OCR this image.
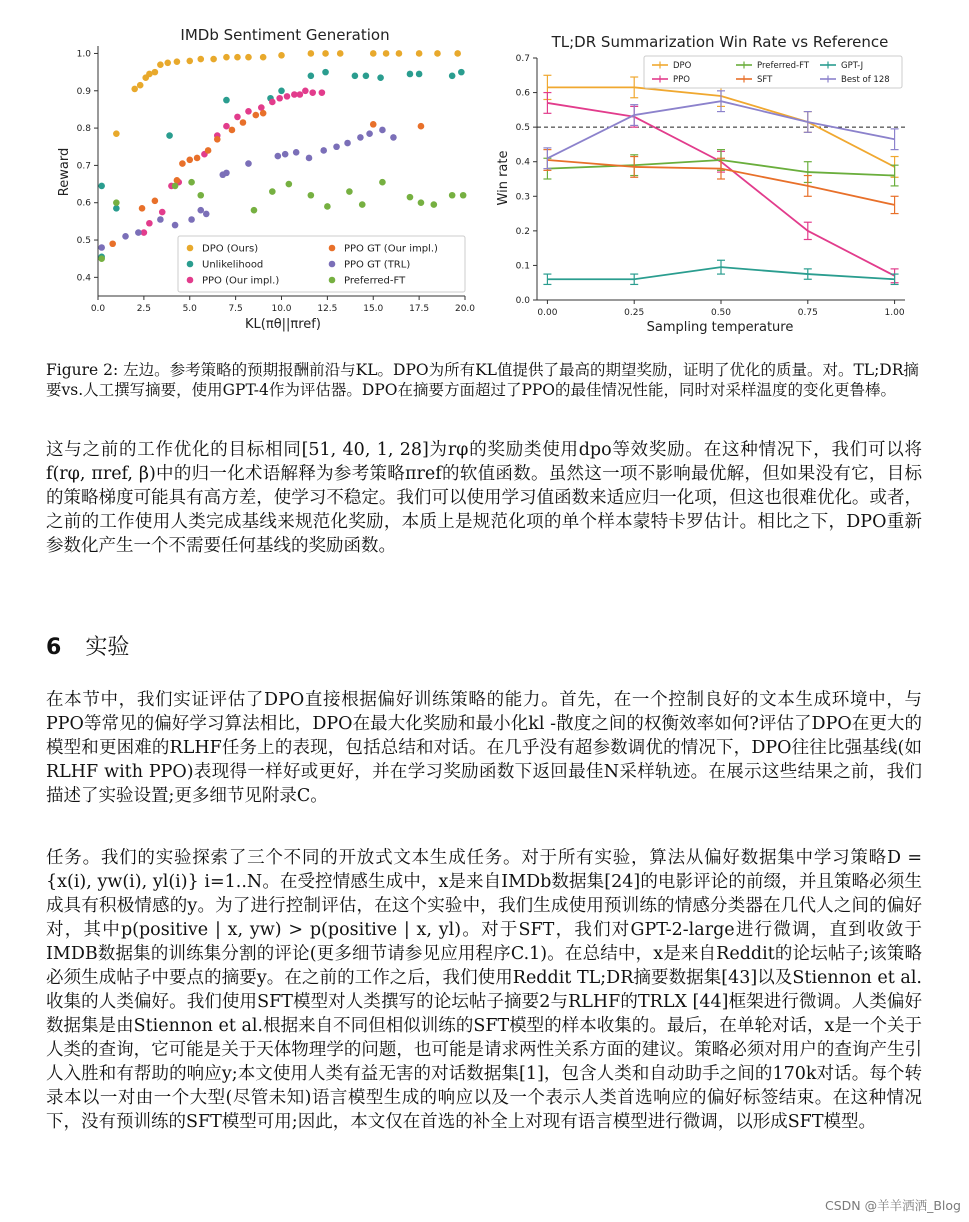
IMDb Sentiment Generation
0.0	2.5	5.0	7.5	10.0	12.5	15.0	17.5	20.0
0.4
0.5
0.6
0.7
0.8
0.9
1.0
Reward
KL(πθ||πref)
DPO (Ours)
Unlikelihood
PPO (Our impl.)
PPO GT (Our impl.)
PPO GT (TRL)
Preferred-FT
TL;DR Summarization Win Rate vs Reference
0.00	0.25	0.50	0.75	1.00
0.0
0.1
0.2
0.3
0.4
0.5
0.6
0.7
Win rate
Sampling temperature
DPO
PPO
Preferred-FT
SFT
GPT-J
Best of 128
Figure 2: 左边。参考策略的预期报酬前沿与KL。DPO为所有KL值提供了最高的期望奖励，证明了优化的质量。对。TL;DR摘要vs.人工撰写摘要，使用GPT-4作为评估器。DPO在摘要方面超过了PPO的最佳情况性能，同时对采样温度的变化更鲁棒。

这与之前的工作优化的目标相同[51, 40, 1, 28]为rφ的奖励类使用dpo等效奖励。在这种情况下，我们可以将f(rφ, πref, β)中的归一化术语解释为参考策略πref的软值函数。虽然这一项不影响最优解，但如果没有它，目标的策略梯度可能具有高方差，使学习不稳定。我们可以使用学习值函数来适应归一化项，但这也很难优化。或者，之前的工作使用人类完成基线来规范化奖励，本质上是规范化项的单个样本蒙特卡罗估计。相比之下，DPO重新参数化产生一个不需要任何基线的奖励函数。

6 实验

在本节中，我们实证评估了DPO直接根据偏好训练策略的能力。首先，在一个控制良好的文本生成环境中，与PPO等常见的偏好学习算法相比，DPO在最大化奖励和最小化kl -散度之间的权衡效率如何?评估了DPO在更大的模型和更困难的RLHF任务上的表现，包括总结和对话。在几乎没有超参数调优的情况下，DPO往往比强基线(如RLHF with PPO)表现得一样好或更好，并在学习奖励函数下返回最佳N采样轨迹。在展示这些结果之前，我们描述了实验设置;更多细节见附录C。

任务。我们的实验探索了三个不同的开放式文本生成任务。对于所有实验，算法从偏好数据集中学习策略D = {x(i), yw(i), yl(i)} i=1..N。在受控情感生成中，x是来自IMDb数据集[24]的电影评论的前缀，并且策略必须生成具有积极情感的y。为了进行控制评估，在这个实验中，我们生成使用预训练的情感分类器在几代人之间的偏好对，其中p(positive | x, yw) > p(positive | x, yl)。对于SFT，我们对GPT-2-large进行微调，直到收敛于IMDB数据集的训练集分割的评论(更多细节请参见应用程序C.1)。在总结中，x是来自Reddit的论坛帖子;该策略必须生成帖子中要点的摘要y。在之前的工作之后，我们使用Reddit TL;DR摘要数据集[43]以及Stiennon et al.收集的人类偏好。我们使用SFT模型对人类撰写的论坛帖子摘要2与RLHF的TRLX [44]框架进行微调。人类偏好数据集是由Stiennon et al.根据来自不同但相似训练的SFT模型的样本收集的。最后，在单轮对话，x是一个关于人类的查询，它可能是关于天体物理学的问题，也可能是请求两性关系方面的建议。策略必须对用户的查询产生引人入胜和有帮助的响应y;本文使用人类有益无害的对话数据集[1]，包含人类和自动助手之间的170k对话。每个转录本以一对由一个大型(尽管未知)语言模型生成的响应以及一个表示人类首选响应的偏好标签结束。在这种情况下，没有预训练的SFT模型可用;因此，本文仅在首选的补全上对现有语言模型进行微调，以形成SFT模型。

CSDN @羊羊洒洒_Blog
